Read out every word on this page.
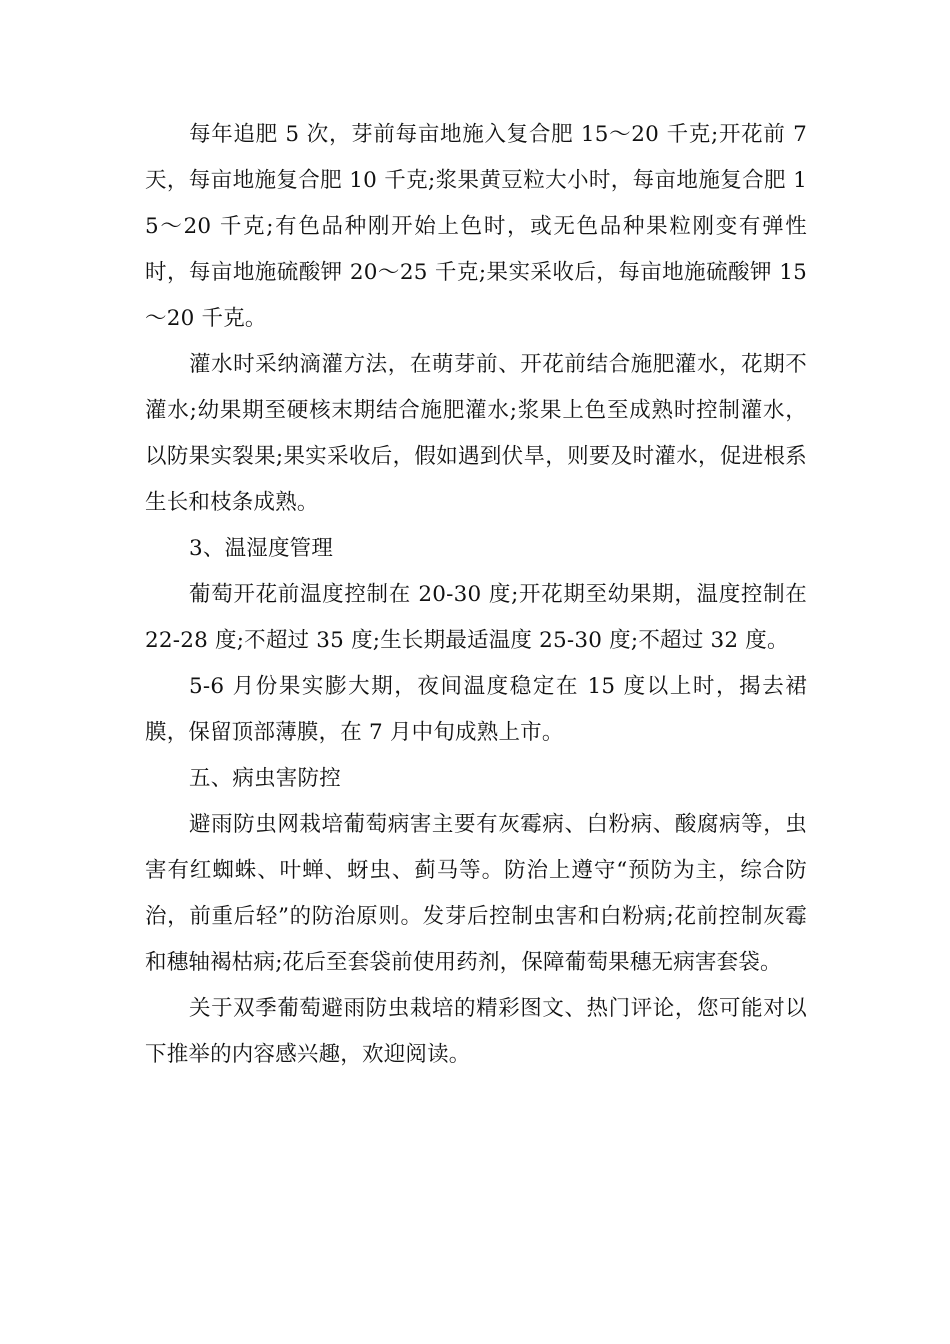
每年追肥 5 次，芽前每亩地施入复合肥 15～20 千克;开花前 7 天，每亩地施复合肥 10 千克;浆果黄豆粒大小时，每亩地施复合肥 15～20 千克;有色品种刚开始上色时，或无色品种果粒刚变有弹性时，每亩地施硫酸钾 20～25 千克;果实采收后，每亩地施硫酸钾 15～20 千克。

灌水时采纳滴灌方法，在萌芽前、开花前结合施肥灌水，花期不灌水;幼果期至硬核末期结合施肥灌水;浆果上色至成熟时控制灌水，以防果实裂果;果实采收后，假如遇到伏旱，则要及时灌水，促进根系生长和枝条成熟。

3、温湿度管理

葡萄开花前温度控制在 20-30 度;开花期至幼果期，温度控制在 22-28 度;不超过 35 度;生长期最适温度 25-30 度;不超过 32 度。

5-6 月份果实膨大期，夜间温度稳定在 15 度以上时，揭去裙膜，保留顶部薄膜，在 7 月中旬成熟上市。

五、病虫害防控

避雨防虫网栽培葡萄病害主要有灰霉病、白粉病、酸腐病等，虫害有红蜘蛛、叶蝉、蚜虫、蓟马等。防治上遵守“预防为主，综合防治，前重后轻”的防治原则。发芽后控制虫害和白粉病;花前控制灰霉和穗轴褐枯病;花后至套袋前使用药剂，保障葡萄果穗无病害套袋。

关于双季葡萄避雨防虫栽培的精彩图文、热门评论，您可能对以下推举的内容感兴趣，欢迎阅读。
